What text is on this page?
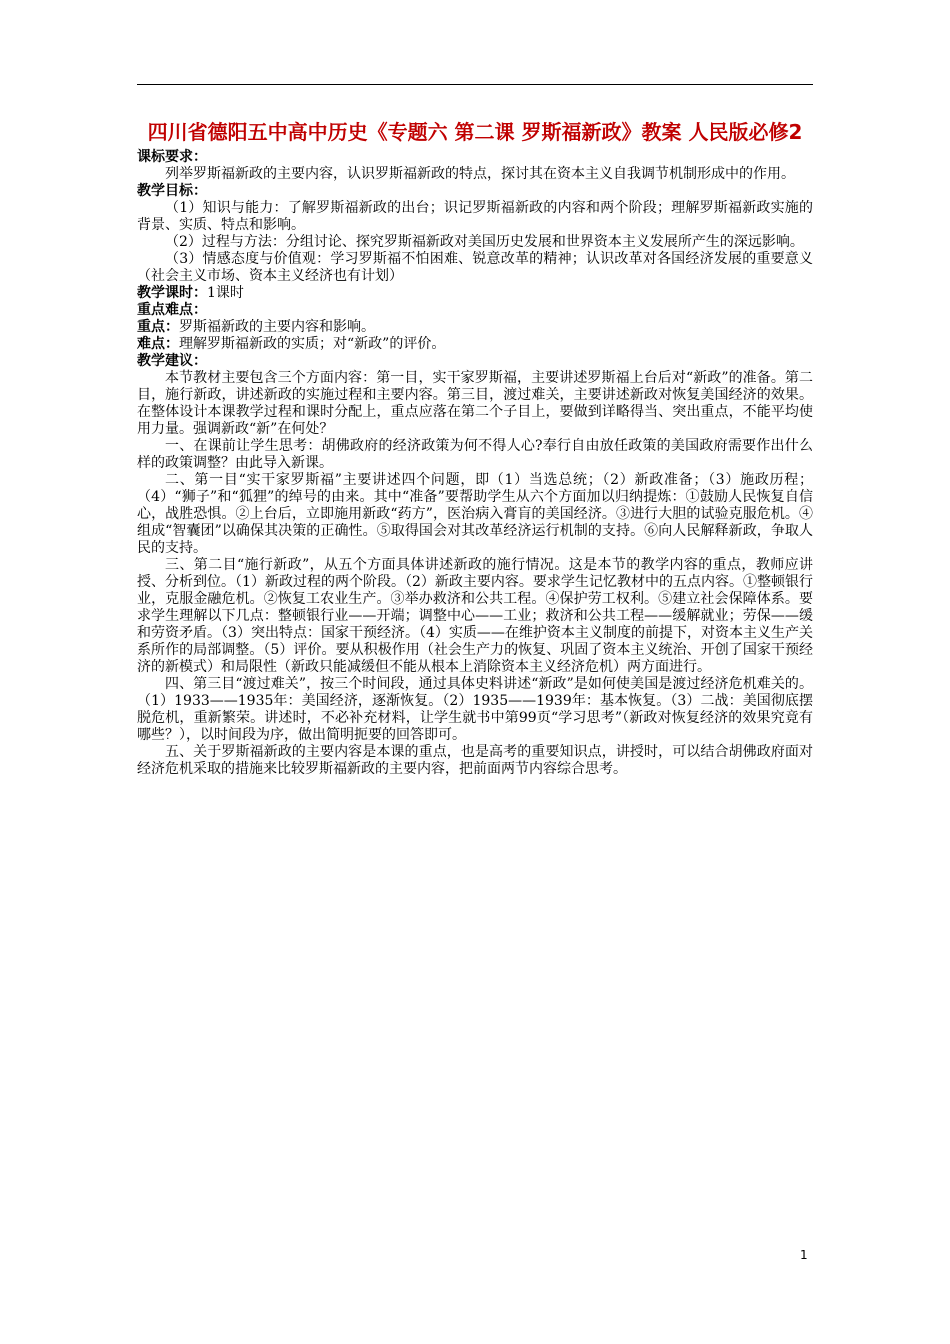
四川省德阳五中高中历史《专题六 第二课 罗斯福新政》教案 人民版必修2

课标要求：

列举罗斯福新政的主要内容，认识罗斯福新政的特点，探讨其在资本主义自我调节机制形成中的作用。

教学目标：

（1）知识与能力：了解罗斯福新政的出台；识记罗斯福新政的内容和两个阶段；理解罗斯福新政实施的背景、实质、特点和影响。

（2）过程与方法：分组讨论、探究罗斯福新政对美国历史发展和世界资本主义发展所产生的深远影响。

（3）情感态度与价值观：学习罗斯福不怕困难、锐意改革的精神；认识改革对各国经济发展的重要意义（社会主义市场、资本主义经济也有计划）

教学课时：1课时

重点难点：

重点：罗斯福新政的主要内容和影响。

难点：理解罗斯福新政的实质；对“新政”的评价。

教学建议：

本节教材主要包含三个方面内容：第一目，实干家罗斯福，主要讲述罗斯福上台后对“新政”的准备。第二目，施行新政，讲述新政的实施过程和主要内容。第三目，渡过难关，主要讲述新政对恢复美国经济的效果。在整体设计本课教学过程和课时分配上，重点应落在第二个子目上，要做到详略得当、突出重点，不能平均使用力量。强调新政“新”在何处？

一、在课前让学生思考：胡佛政府的经济政策为何不得人心?奉行自由放任政策的美国政府需要作出什么样的政策调整？由此导入新课。

二、第一目“实干家罗斯福”主要讲述四个问题，即（1）当选总统；（2）新政准备；（3）施政历程；（4）“狮子”和“狐狸”的绰号的由来。其中“准备”要帮助学生从六个方面加以归纳提炼：①鼓励人民恢复自信心，战胜恐惧。②上台后，立即施用新政“药方”，医治病入膏肓的美国经济。③进行大胆的试验克服危机。④组成“智囊团”以确保其决策的正确性。⑤取得国会对其改革经济运行机制的支持。⑥向人民解释新政，争取人民的支持。

三、第二目“施行新政”，从五个方面具体讲述新政的施行情况。这是本节的教学内容的重点，教师应讲授、分析到位。（1）新政过程的两个阶段。（2）新政主要内容。要求学生记忆教材中的五点内容。①整顿银行业，克服金融危机。②恢复工农业生产。③举办救济和公共工程。④保护劳工权利。⑤建立社会保障体系。要求学生理解以下几点：整顿银行业——开端；调整中心——工业；救济和公共工程——缓解就业；劳保——缓和劳资矛盾。（3）突出特点：国家干预经济。（4）实质——在维护资本主义制度的前提下，对资本主义生产关系所作的局部调整。（5）评价。要从积极作用（社会生产力的恢复、巩固了资本主义统治、开创了国家干预经济的新模式）和局限性（新政只能减缓但不能从根本上消除资本主义经济危机）两方面进行。

四、第三目“渡过难关”，按三个时间段，通过具体史料讲述“新政”是如何使美国是渡过经济危机难关的。（1）1933——1935年：美国经济，逐渐恢复。（2）1935——1939年：基本恢复。（3）二战：美国彻底摆脱危机，重新繁荣。讲述时，不必补充材料，让学生就书中第99页“学习思考”（新政对恢复经济的效果究竟有哪些？），以时间段为序，做出简明扼要的回答即可。

五、关于罗斯福新政的主要内容是本课的重点，也是高考的重要知识点，讲授时，可以结合胡佛政府面对经济危机采取的措施来比较罗斯福新政的主要内容，把前面两节内容综合思考。

1
